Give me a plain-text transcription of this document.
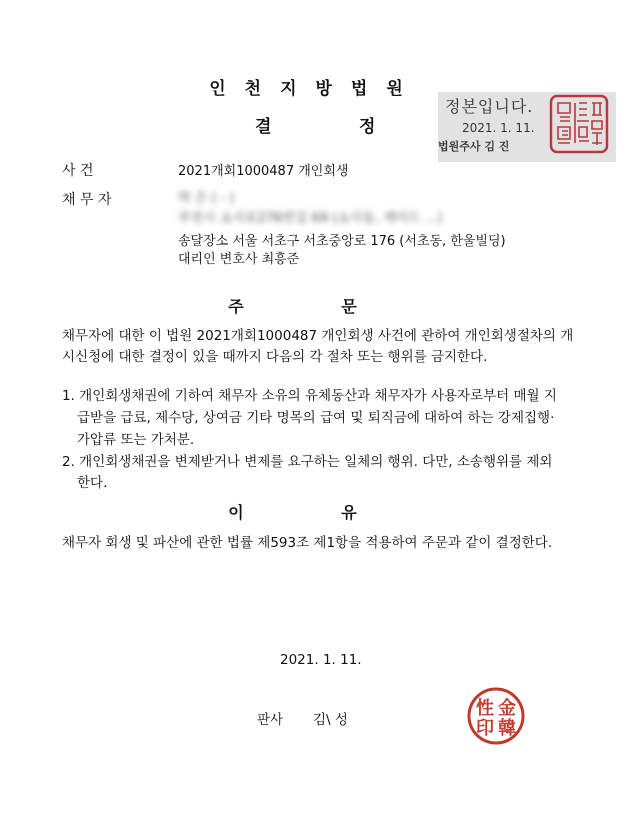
인천지방법원
결	정
정본입니다.
2021. 1. 11.
법원주사 김 진
사 건	2021개회1000487 개인회생
채 무 자	박 은 ( - )
부천시 소사로276번길 69 (소사동, 케이드 ...)
송달장소 서울 서초구 서초중앙로 176 (서초동, 한울빌딩)
대리인 변호사 최흥준
주 문
채무자에 대한 이 법원 2021개회1000487 개인회생 사건에 관하여 개인회생절차의 개
시신청에 대한 결정이 있을 때까지 다음의 각 절차 또는 행위를 금지한다.
1. 개인회생채권에 기하여 채무자 소유의 유체동산과 채무자가 사용자로부터 매월 지
급받을 급료, 제수당, 상여금 기타 명목의 급여 및 퇴직금에 대하여 하는 강제집행·
가압류 또는 가처분.
2. 개인회생채권을 변제받거나 변제를 요구하는 일체의 행위. 다만, 소송행위를 제외
한다.
이 유
채무자 회생 및 파산에 관한 법률 제593조 제1항을 적용하여 주문과 같이 결정한다.
2021. 1. 11.
판사 김\ 성
性 金
印 韓
